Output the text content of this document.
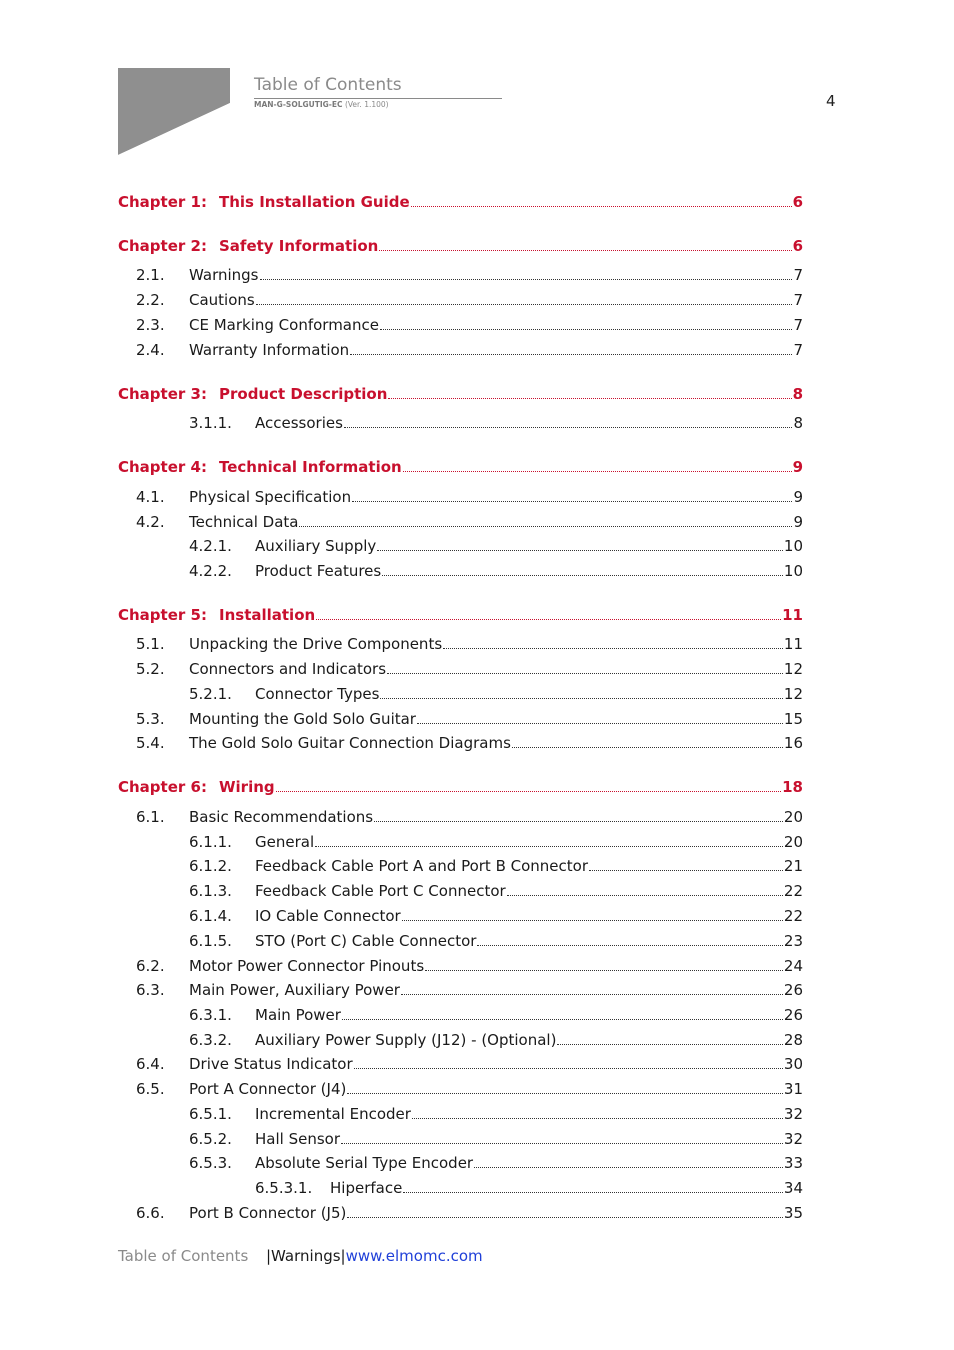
Table of Contents
MAN-G-SOLGUTIG-EC (Ver. 1.100)	4
Chapter 1: This Installation Guide	6
Chapter 2: Safety Information	6
2.1.	Warnings	7
2.2.	Cautions	7
2.3.	CE Marking Conformance	7
2.4.	Warranty Information	7
Chapter 3: Product Description	8
3.1.1.	Accessories	8
Chapter 4: Technical Information	9
4.1.	Physical Specification	9
4.2.	Technical Data	9
4.2.1.	Auxiliary Supply	10
4.2.2.	Product Features	10
Chapter 5: Installation	11
5.1.	Unpacking the Drive Components	11
5.2.	Connectors and Indicators	12
5.2.1.	Connector Types	12
5.3.	Mounting the Gold Solo Guitar	15
5.4.	The Gold Solo Guitar Connection Diagrams	16
Chapter 6: Wiring	18
6.1.	Basic Recommendations	20
6.1.1.	General	20
6.1.2.	Feedback Cable Port A and Port B Connector	21
6.1.3.	Feedback Cable Port C Connector	22
6.1.4.	IO Cable Connector	22
6.1.5.	STO (Port C) Cable Connector	23
6.2.	Motor Power Connector Pinouts	24
6.3.	Main Power, Auxiliary Power	26
6.3.1.	Main Power	26
6.3.2.	Auxiliary Power Supply (J12) - (Optional)	28
6.4.	Drive Status Indicator	30
6.5.	Port A Connector (J4)	31
6.5.1.	Incremental Encoder	32
6.5.2.	Hall Sensor	32
6.5.3.	Absolute Serial Type Encoder	33
6.5.3.1.	Hiperface	34
6.6.	Port B Connector (J5)	35
Table of Contents |Warnings|www.elmomc.com
